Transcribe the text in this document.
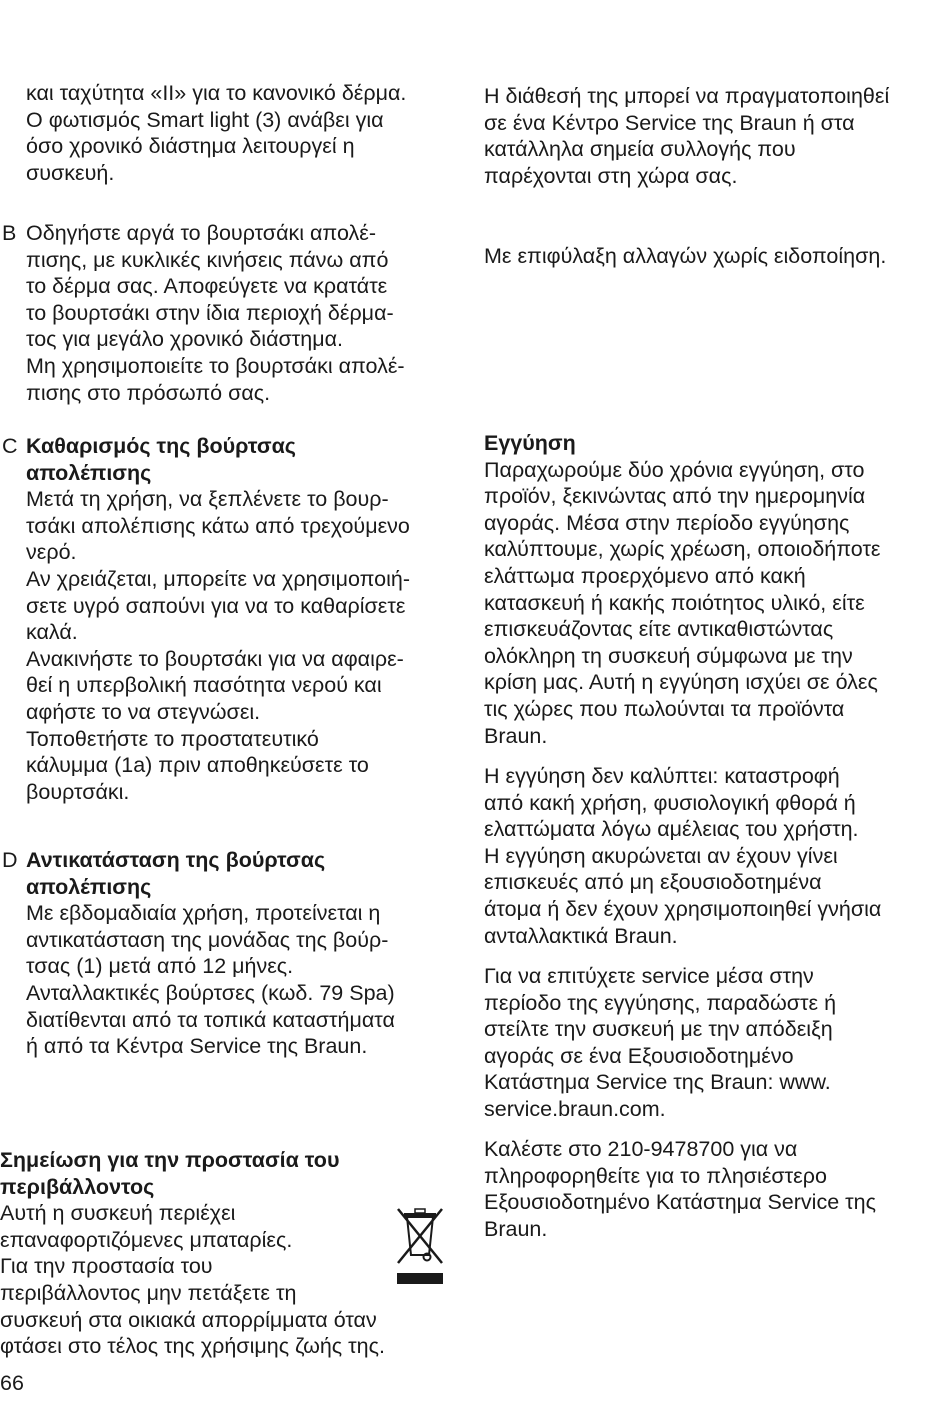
και ταχύτητα «II» για το κανονικό δέρμα.
Ο φωτισμός Smart light (3) ανάβει για
όσο χρονικό διάστημα λειτουργεί η
συσκευή.
B Οδηγήστε αργά το βουρτσάκι απολέ-
πισης, με κυκλικές κινήσεις πάνω από
το δέρμα σας. Αποφεύγετε να κρατάτε
το βουρτσάκι στην ίδια περιοχή δέρμα-
τος για μεγάλο χρονικό διάστημα.
Μη χρησιμοποιείτε το βουρτσάκι απολέ-
πισης στο πρόσωπό σας.
C Καθαρισμός της βούρτσας
απολέπισης
Μετά τη χρήση, να ξεπλένετε το βουρ-
τσάκι απολέπισης κάτω από τρεχούμενο
νερό.
Αν χρειάζεται, μπορείτε να χρησιμοποιή-
σετε υγρό σαπούνι για να το καθαρίσετε
καλά.
Ανακινήστε το βουρτσάκι για να αφαιρε-
θεί η υπερβολική πασότητα νερού και
αφήστε το να στεγνώσει.
Τοποθετήστε το προστατευτικό
κάλυμμα (1a) πριν αποθηκεύσετε το
βουρτσάκι.
D Αντικατάσταση της βούρτσας
απολέπισης
Με εβδομαδιαία χρήση, προτείνεται η
αντικατάσταση της μονάδας της βούρ-
τσας (1) μετά από 12 μήνες.
Ανταλλακτικές βούρτσες (κωδ. 79 Spa)
διατίθενται από τα τοπικά καταστήματα
ή από τα Κέντρα Service της Braun.
Σημείωση για την προστασία του
περιβάλλοντος
Αυτή η συσκευή περιέχει
επαναφορτιζόμενες μπαταρίες.
Για την προστασία του
περιβάλλοντος μην πετάξετε τη
συσκευή στα οικιακά απορρίμματα όταν
φτάσει στο τέλος της χρήσιμης ζωής της.
66
Η διάθεσή της μπορεί να πραγματοποιηθεί
σε ένα Κέντρο Service της Braun ή στα
κατάλληλα σημεία συλλογής που
παρέχονται στη χώρα σας.
Με επιφύλαξη αλλαγών χωρίς ειδοποίηση.
Εγγύηση
Παραχωρούμε δύο χρόνια εγγύηση, στο
προϊόν, ξεκινώντας από την ημερομηνία
αγοράς. Μέσα στην περίοδο εγγύησης
καλύπτουμε, χωρίς χρέωση, οποιοδήποτε
ελάττωμα προερχόμενο από κακή
κατασκευή ή κακής ποιότητος υλικό, είτε
επισκευάζοντας είτε αντικαθιστώντας
ολόκληρη τη συσκευή σύμφωνα με την
κρίση μας. Αυτή η εγγύηση ισχύει σε όλες
τις χώρες που πωλούνται τα προϊόντα
Braun.
Η εγγύηση δεν καλύπτει: καταστροφή
από κακή χρήση, φυσιολογική φθορά ή
ελαττώματα λόγω αμέλειας του χρήστη.
Η εγγύηση ακυρώνεται αν έχουν γίνει
επισκευές από μη εξουσιοδοτημένα
άτομα ή δεν έχουν χρησιμοποιηθεί γνήσια
ανταλλακτικά Braun.
Για να επιτύχετε service μέσα στην
περίοδο της εγγύησης, παραδώστε ή
στείλτε την συσκευή με την απόδειξη
αγοράς σε ένα Εξουσιοδοτημένο
Κατάστημα Service της Braun: www.
service.braun.com.
Καλέστε στο 210-9478700 για να
πληροφορηθείτε για το πλησιέστερο
Εξουσιοδοτημένο Κατάστημα Service της
Braun.
